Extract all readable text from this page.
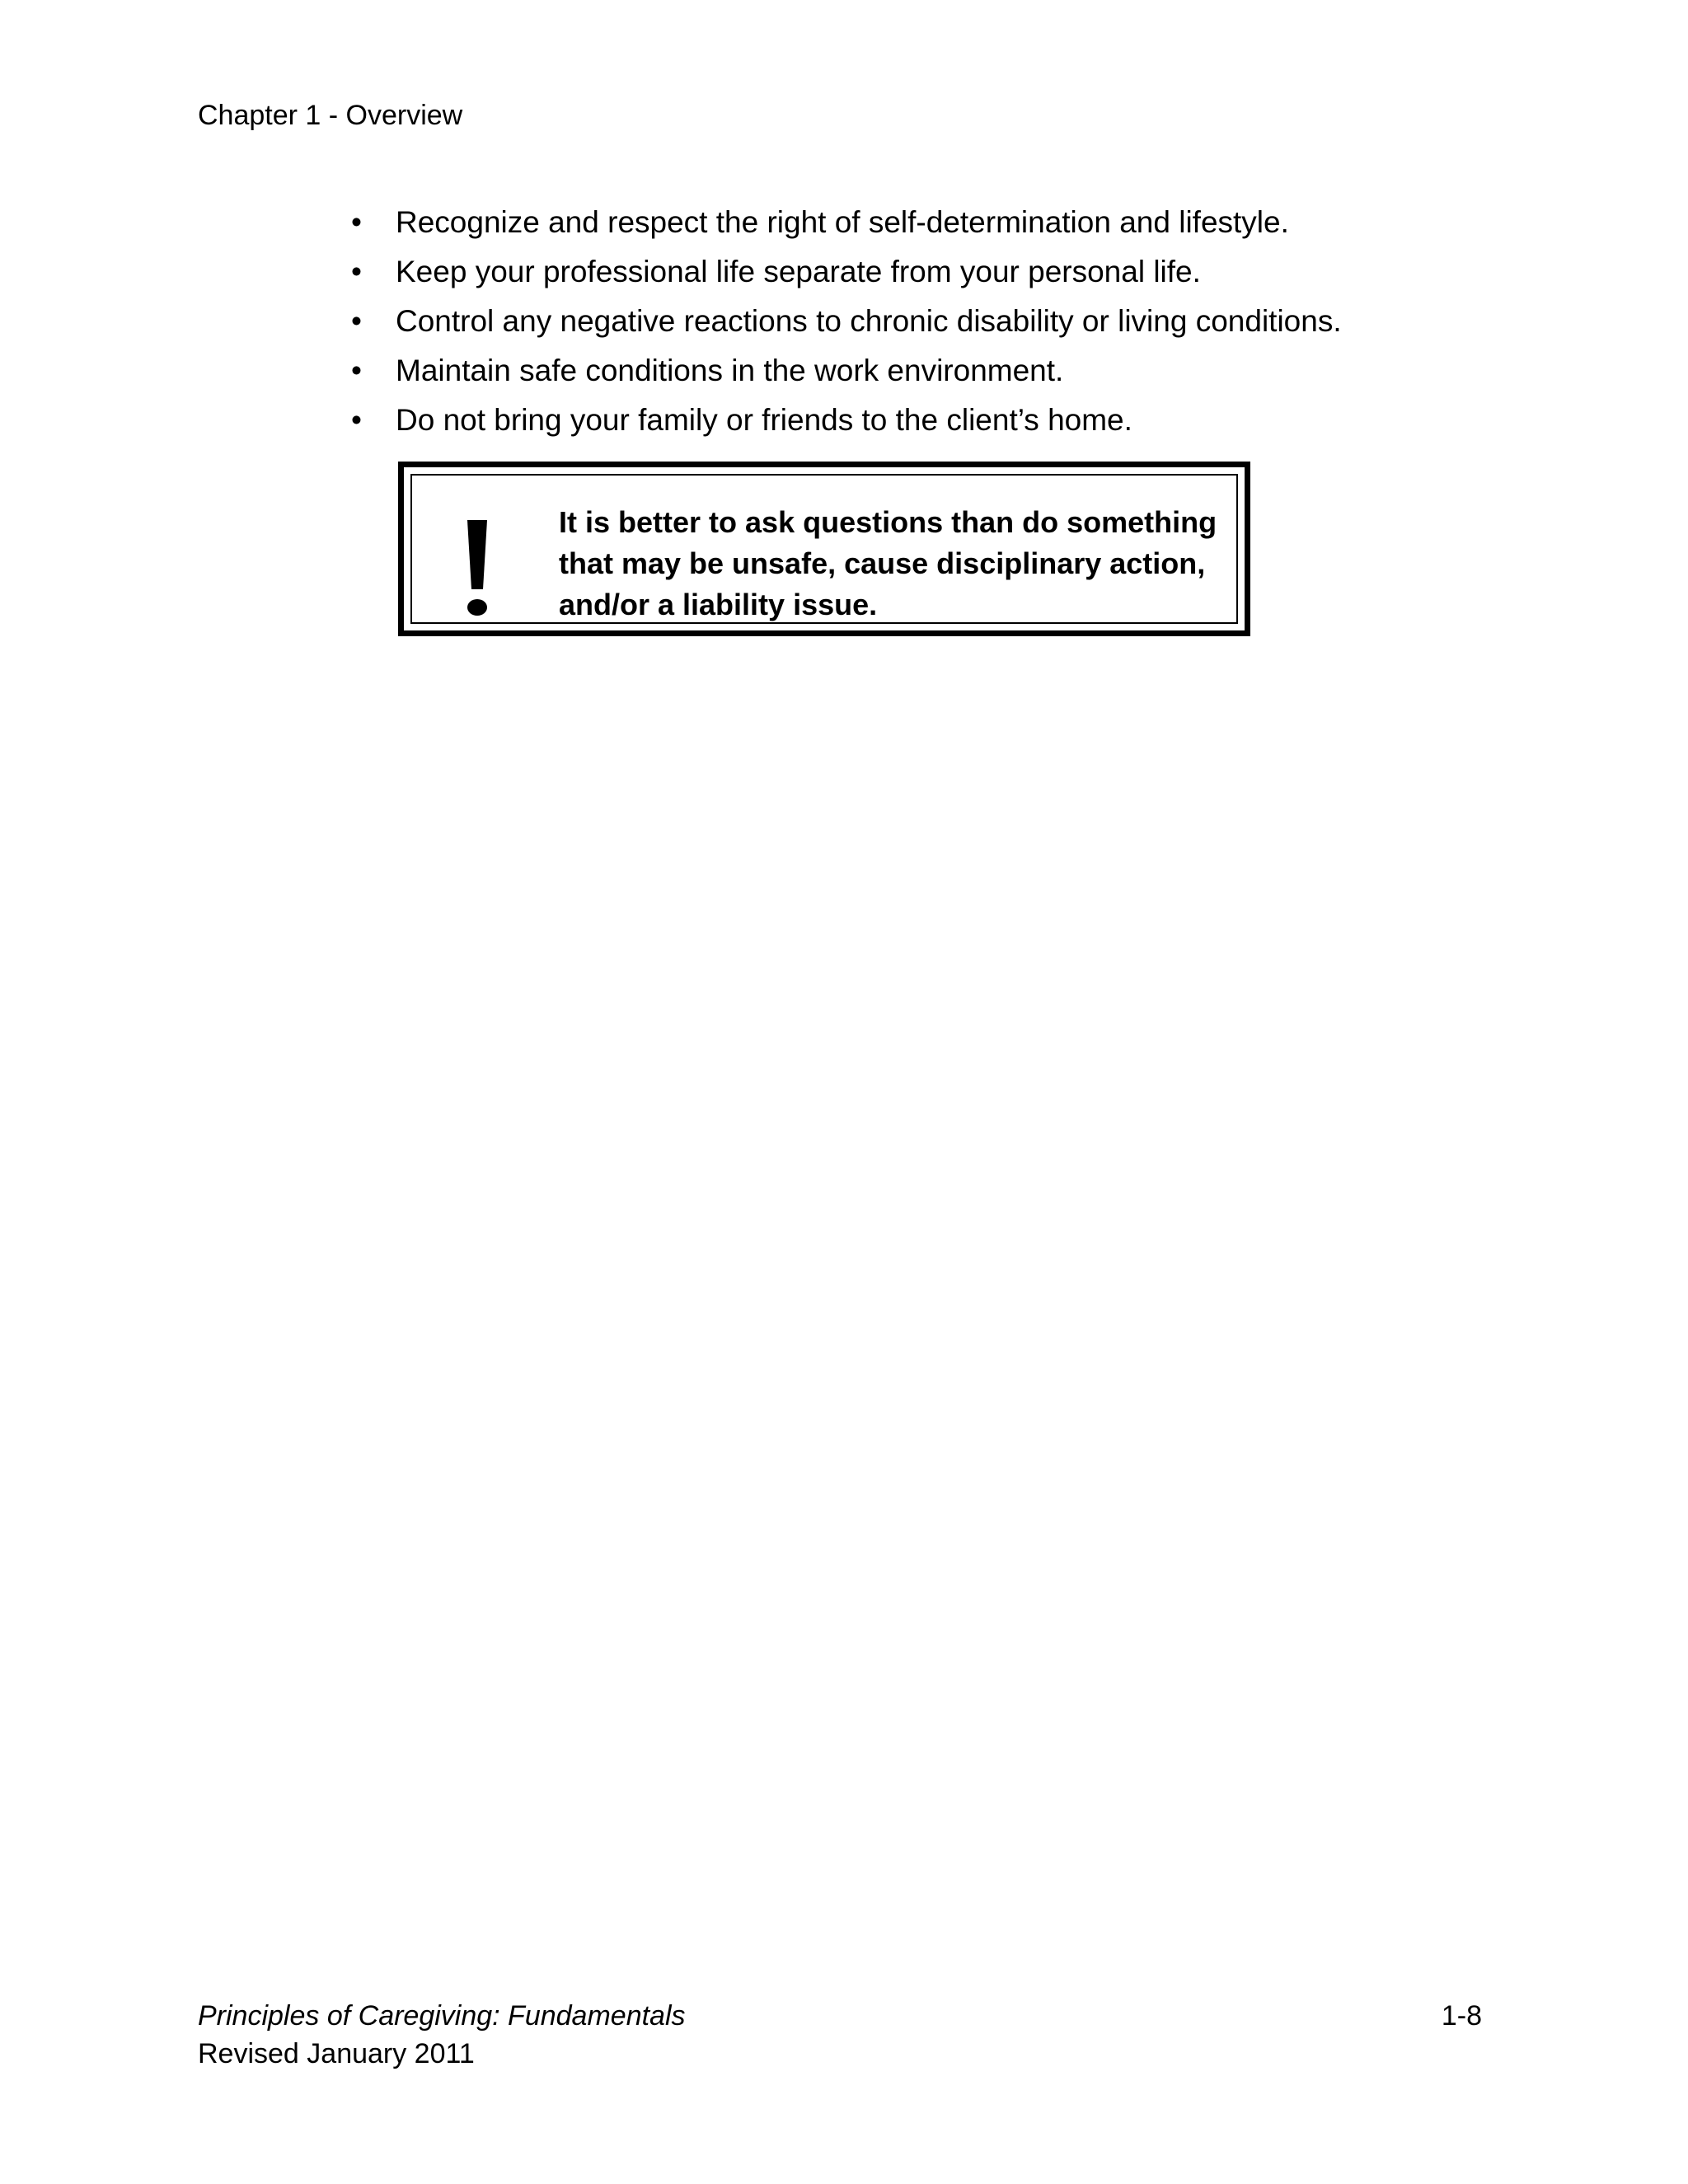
Chapter 1 - Overview
• Recognize and respect the right of self-determination and lifestyle.
• Keep your professional life separate from your personal life.
• Control any negative reactions to chronic disability or living conditions.
• Maintain safe conditions in the work environment.
• Do not bring your family or friends to the client’s home.
It is better to ask questions than do something that may be unsafe, cause disciplinary action, and/or a liability issue.
Principles of Caregiving: Fundamentals
Revised January 2011
1-8
